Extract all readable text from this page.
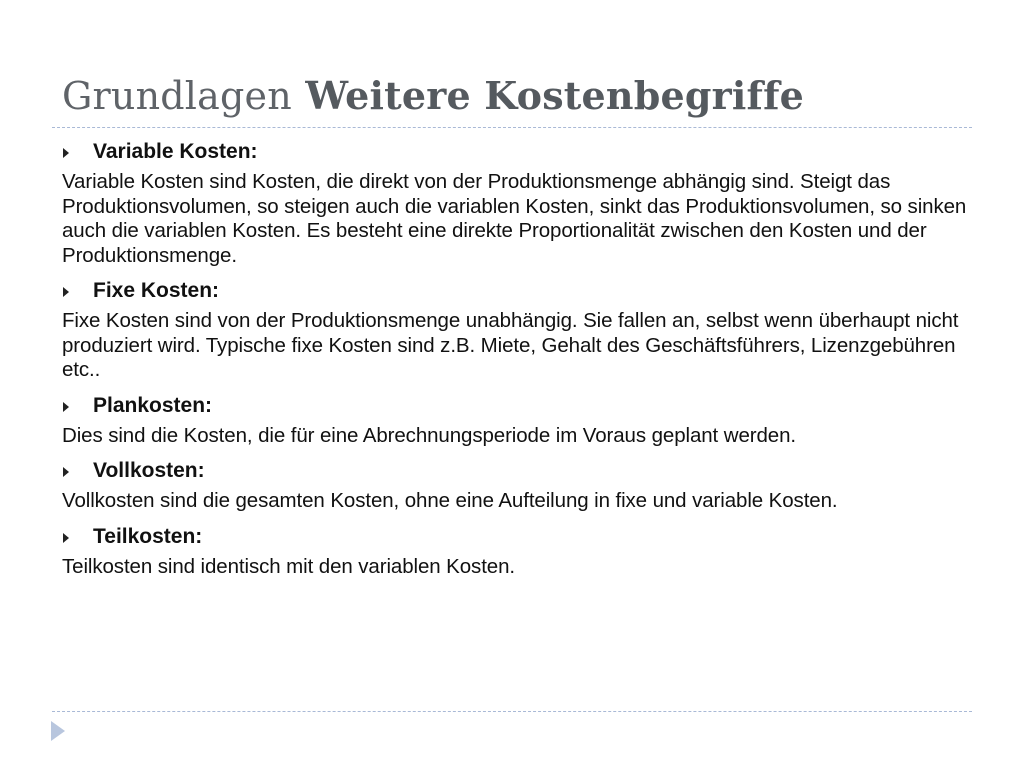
Grundlagen Weitere Kostenbegriffe
Variable Kosten:
Variable Kosten sind Kosten, die direkt von der Produktionsmenge abhängig sind. Steigt das Produktionsvolumen, so steigen auch die variablen Kosten, sinkt das Produktionsvolumen, so sinken auch die variablen Kosten. Es besteht eine direkte Proportionalität zwischen den Kosten und der Produktionsmenge.
Fixe Kosten:
Fixe Kosten sind von der Produktionsmenge unabhängig. Sie fallen an, selbst wenn überhaupt nicht produziert wird. Typische fixe Kosten sind z.B. Miete, Gehalt des Geschäftsführers, Lizenzgebühren etc..
Plankosten:
Dies sind die Kosten, die für eine Abrechnungsperiode im Voraus geplant werden.
Vollkosten:
Vollkosten sind die gesamten Kosten, ohne eine Aufteilung in fixe und variable Kosten.
Teilkosten:
Teilkosten sind identisch mit den variablen Kosten.
